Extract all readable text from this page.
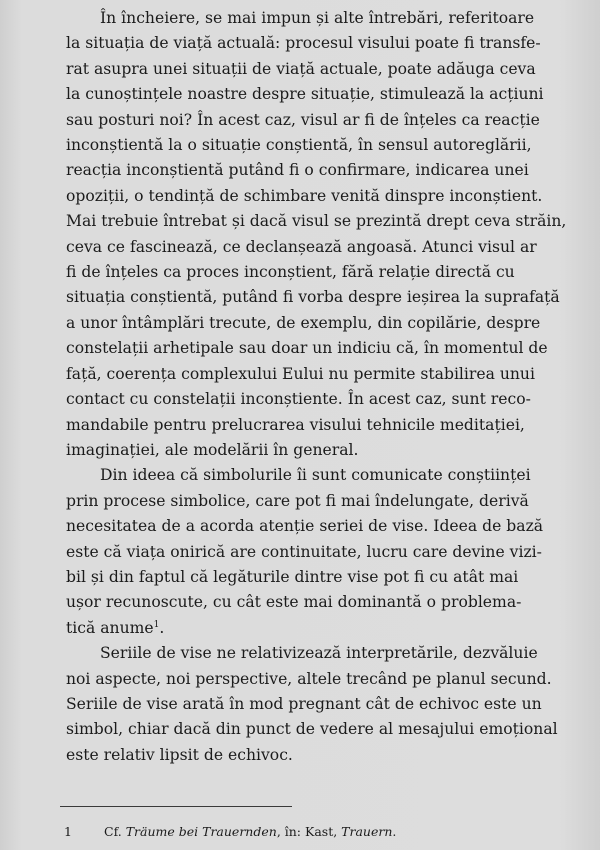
În încheiere, se mai impun și alte întrebări, referitoare
la situația de viață actuală: procesul visului poate fi transfe-
rat asupra unei situații de viață actuale, poate adăuga ceva
la cunoștințele noastre despre situație, stimulează la acțiuni
sau posturi noi? În acest caz, visul ar fi de înțeles ca reacție
inconștientă la o situație conștientă, în sensul autoreglării,
reacția inconștientă putând fi o confirmare, indicarea unei
opoziții, o tendință de schimbare venită dinspre inconștient.
Mai trebuie întrebat și dacă visul se prezintă drept ceva străin,
ceva ce fascinează, ce declanșează angoasă. Atunci visul ar
fi de înțeles ca proces inconștient, fără relație directă cu
situația conștientă, putând fi vorba despre ieșirea la suprafață
a unor întâmplări trecute, de exemplu, din copilărie, despre
constelații arhetipale sau doar un indiciu că, în momentul de
față, coerența complexului Eului nu permite stabilirea unui
contact cu constelații inconștiente. În acest caz, sunt reco-
mandabile pentru prelucrarea visului tehnicile meditației,
imaginației, ale modelării în general.
Din ideea că simbolurile îi sunt comunicate conștiinței
prin procese simbolice, care pot fi mai îndelungate, derivă
necesitatea de a acorda atenție seriei de vise. Ideea de bază
este că viața onirică are continuitate, lucru care devine vizi-
bil și din faptul că legăturile dintre vise pot fi cu atât mai
ușor recunoscute, cu cât este mai dominantă o problema-
tică anume$^1$.
Seriile de vise ne relativizează interpretările, dezvăluie
noi aspecte, noi perspective, altele trecând pe planul secund.
Seriile de vise arată în mod pregnant cât de echivoc este un
simbol, chiar dacă din punct de vedere al mesajului emoțional
este relativ lipsit de echivoc.
1	Cf. Träume bei Trauernden, în: Kast, Trauern.
